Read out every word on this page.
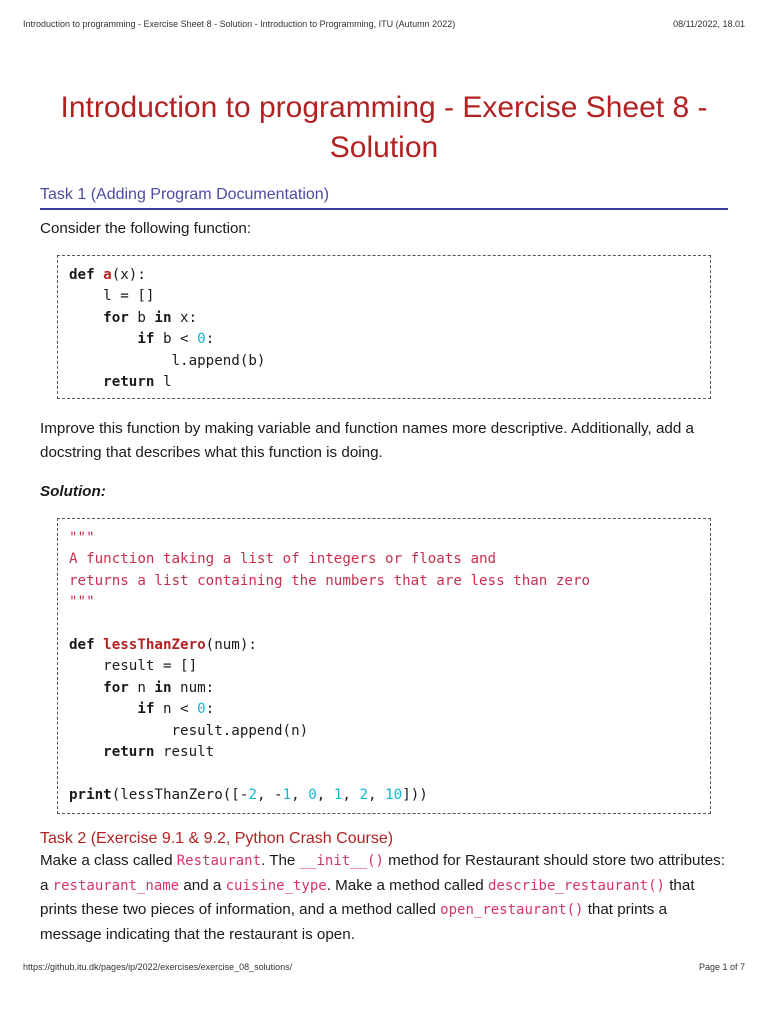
Introduction to programming - Exercise Sheet 8 - Solution - Introduction to Programming, ITU (Autumn 2022)	08/11/2022, 18.01
Introduction to programming - Exercise Sheet 8 - Solution
Task 1 (Adding Program Documentation)

Consider the following function:

def a(x):
l = []
for b in x:
if b < 0:
l.append(b)
return l

Improve this function by making variable and function names more descriptive. Additionally, add a docstring that describes what this function is doing.

Solution:

"""
A function taking a list of integers or floats and
returns a list containing the numbers that are less than zero
"""

def lessThanZero(num):
result = []
for n in num:
if n < 0:
result.append(n)
return result

print(lessThanZero([-2, -1, 0, 1, 2, 10]))
Task 2 (Exercise 9.1 & 9.2, Python Crash Course)

Make a class called Restaurant. The __init__() method for Restaurant should store two attributes: a restaurant_name and a cuisine_type. Make a method called describe_restaurant() that prints these two pieces of information, and a method called open_restaurant() that prints a message indicating that the restaurant is open.

https://github.itu.dk/pages/ip/2022/exercises/exercise_08_solutions/	Page 1 of 7
